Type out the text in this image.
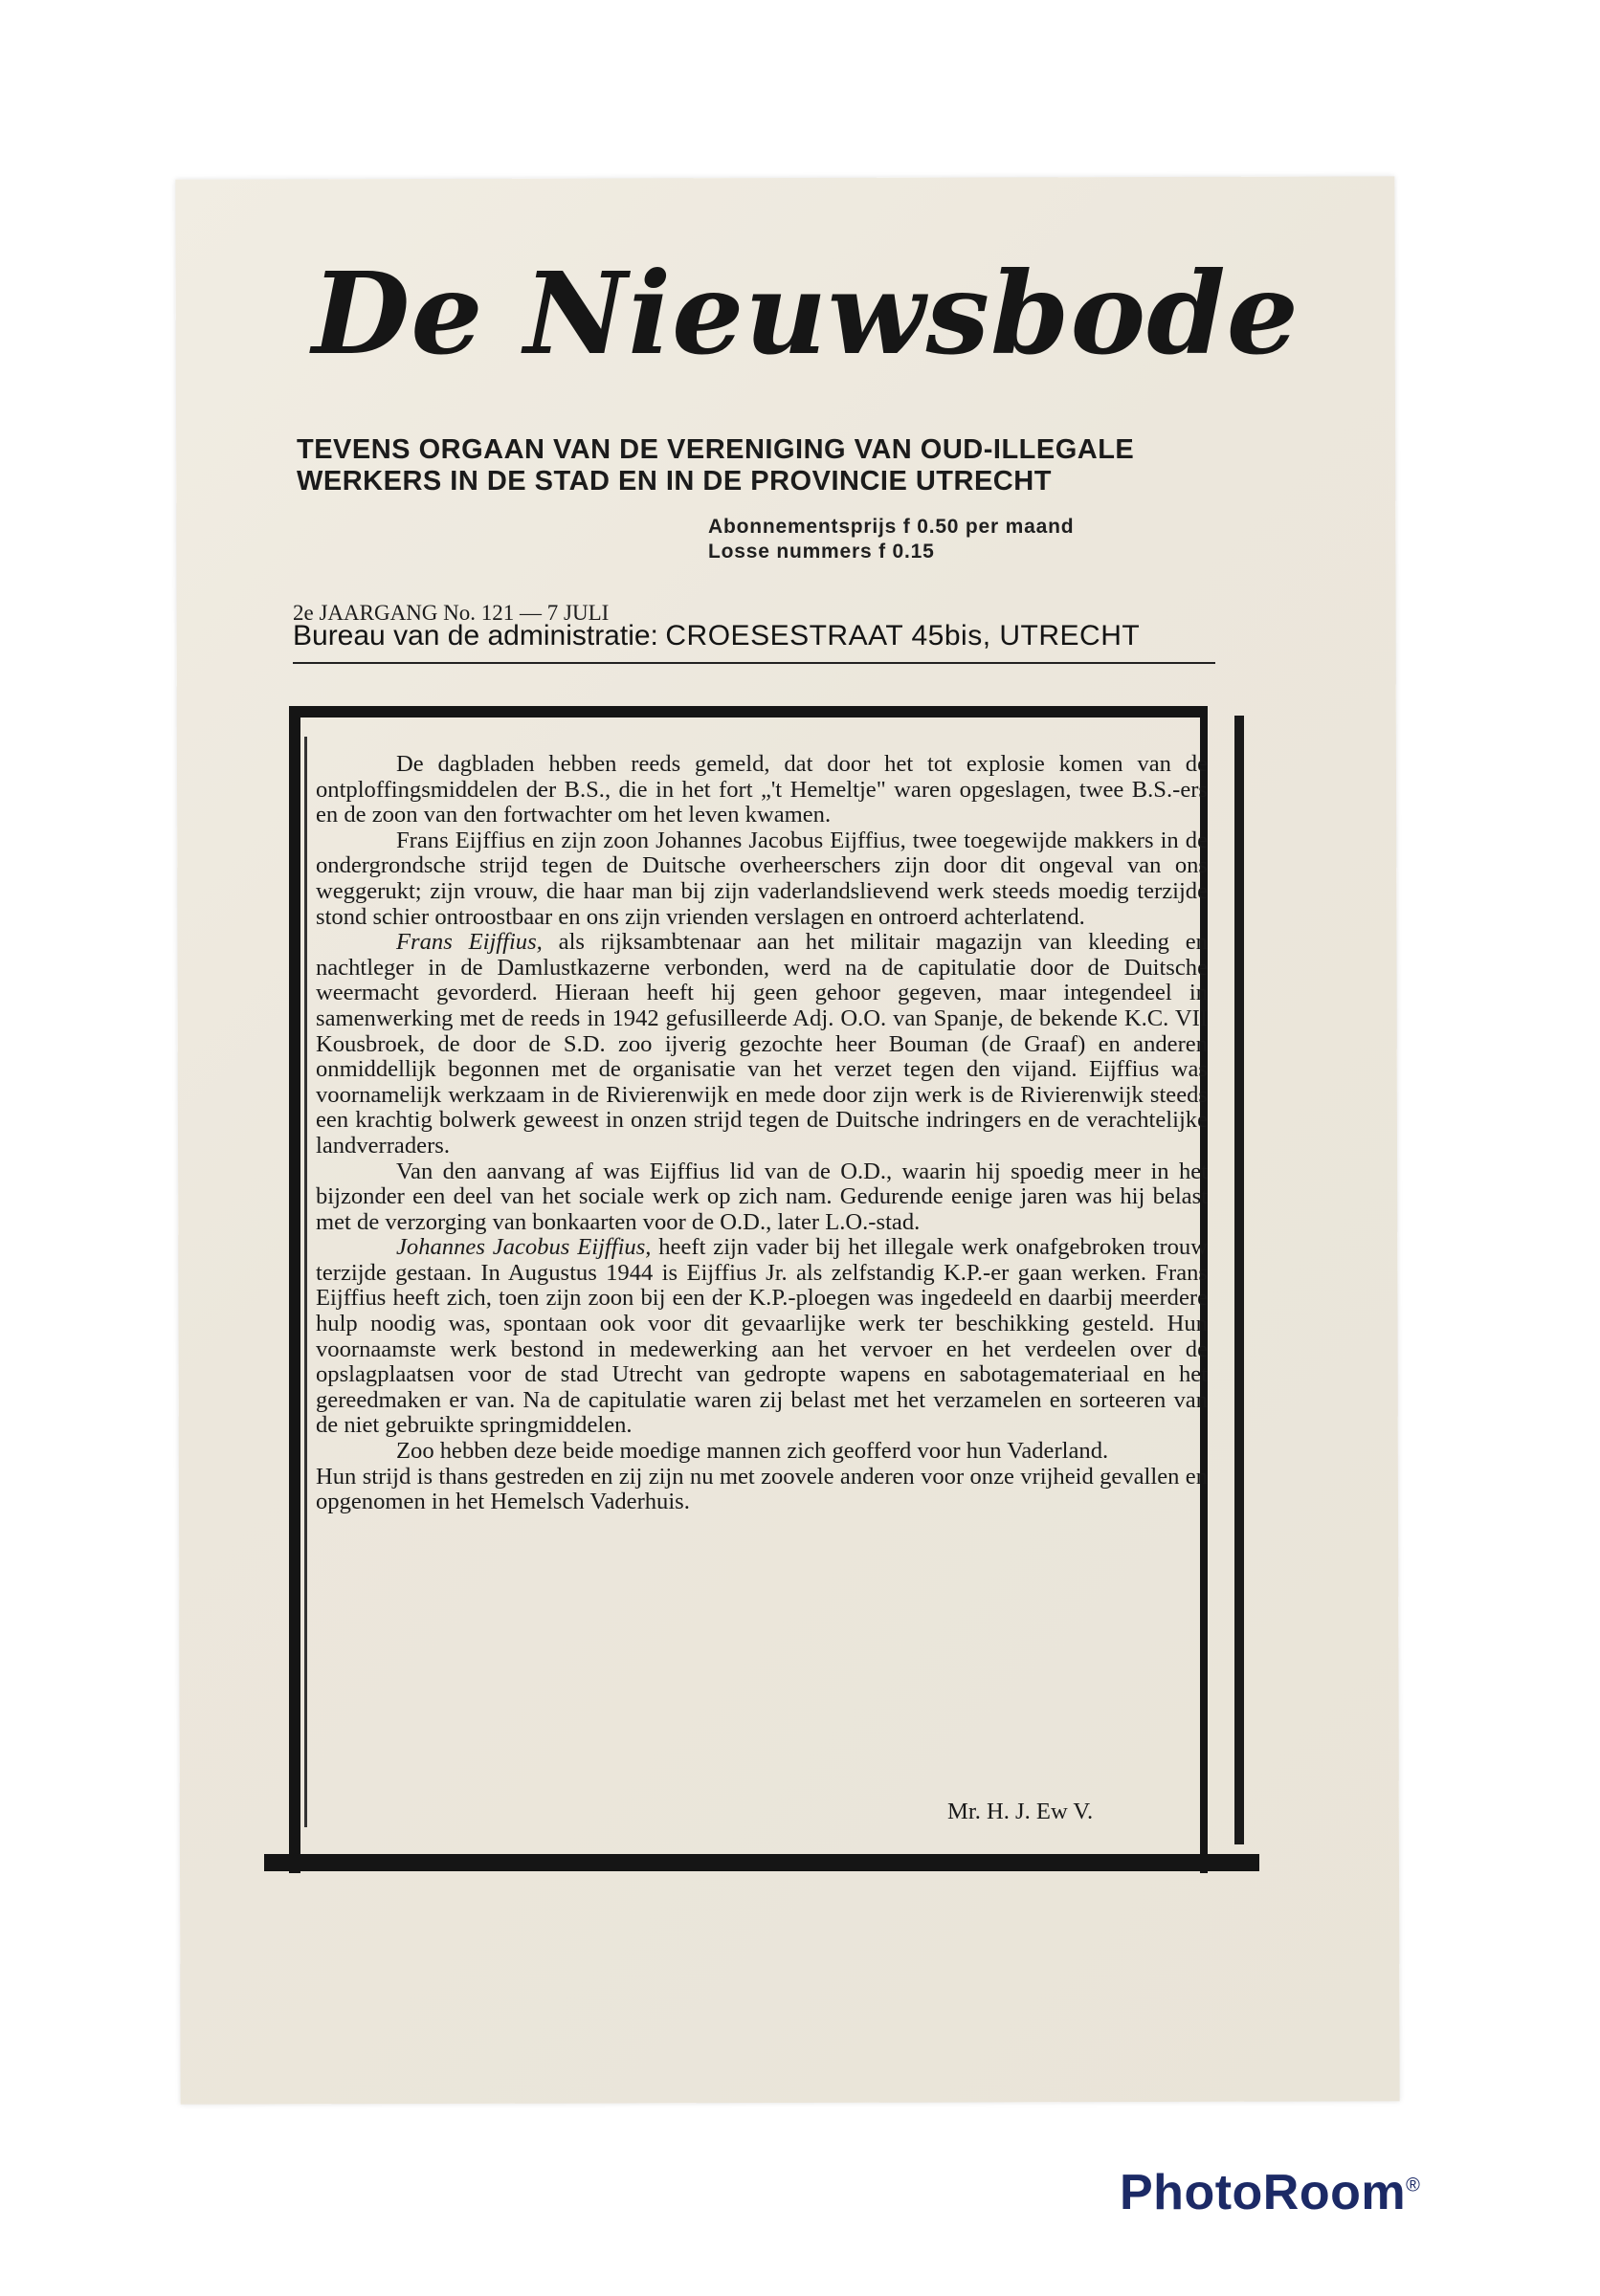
De Nieuwsbode
TEVENS ORGAAN VAN DE VERENIGING VAN OUD-ILLEGALE
WERKERS IN DE STAD EN IN DE PROVINCIE UTRECHT
Abonnementsprijs f 0.50 per maand
Losse nummers f 0.15
2e JAARGANG No. 121 — 7 JULI
Bureau van de administratie: CROESESTRAAT 45bis, UTRECHT

De dagbladen hebben reeds gemeld, dat door het tot explosie komen van de ontploffingsmiddelen der B.S., die in het fort „'t Hemeltje" waren opgeslagen, twee B.S.-ers en de zoon van den fortwachter om het leven kwamen.

Frans Eijffius en zijn zoon Johannes Jacobus Eijffius, twee toegewijde makkers in de ondergrondsche strijd tegen de Duitsche overheerschers zijn door dit ongeval van ons weggerukt; zijn vrouw, die haar man bij zijn vaderlandslievend werk steeds moedig terzijde stond schier ontroostbaar en ons zijn vrienden verslagen en ontroerd achterlatend.

Frans Eijffius, als rijksambtenaar aan het militair magazijn van kleeding en nachtleger in de Damlustkazerne verbonden, werd na de capitulatie door de Duitsche weermacht gevorderd. Hieraan heeft hij geen gehoor gegeven, maar integendeel in samenwerking met de reeds in 1942 gefusilleerde Adj. O.O. van Spanje, de bekende K.C. VII Kousbroek, de door de S.D. zoo ijverig gezochte heer Bouman (de Graaf) en anderen onmiddellijk begonnen met de organisatie van het verzet tegen den vijand. Eijffius was voornamelijk werkzaam in de Rivierenwijk en mede door zijn werk is de Rivierenwijk steeds een krachtig bolwerk geweest in onzen strijd tegen de Duitsche indringers en de verachtelijke landverraders.

Van den aanvang af was Eijffius lid van de O.D., waarin hij spoedig meer in het bijzonder een deel van het sociale werk op zich nam. Gedurende eenige jaren was hij belast met de verzorging van bonkaarten voor de O.D., later L.O.-stad.

Johannes Jacobus Eijffius, heeft zijn vader bij het illegale werk onafgebroken trouw terzijde gestaan. In Augustus 1944 is Eijffius Jr. als zelfstandig K.P.-er gaan werken. Frans Eijffius heeft zich, toen zijn zoon bij een der K.P.-ploegen was ingedeeld en daarbij meerdere hulp noodig was, spontaan ook voor dit gevaarlijke werk ter beschikking gesteld. Hun voornaamste werk bestond in medewerking aan het vervoer en het verdeelen over de opslagplaatsen voor de stad Utrecht van gedropte wapens en sabotagemateriaal en het gereedmaken er van. Na de capitulatie waren zij belast met het verzamelen en sorteeren van de niet gebruikte springmiddelen.

Zoo hebben deze beide moedige mannen zich geofferd voor hun Vaderland.

Hun strijd is thans gestreden en zij zijn nu met zoovele anderen voor onze vrijheid gevallen en opgenomen in het Hemelsch Vaderhuis.

Mr. H. J. Ew V.
PhotoRoom®
